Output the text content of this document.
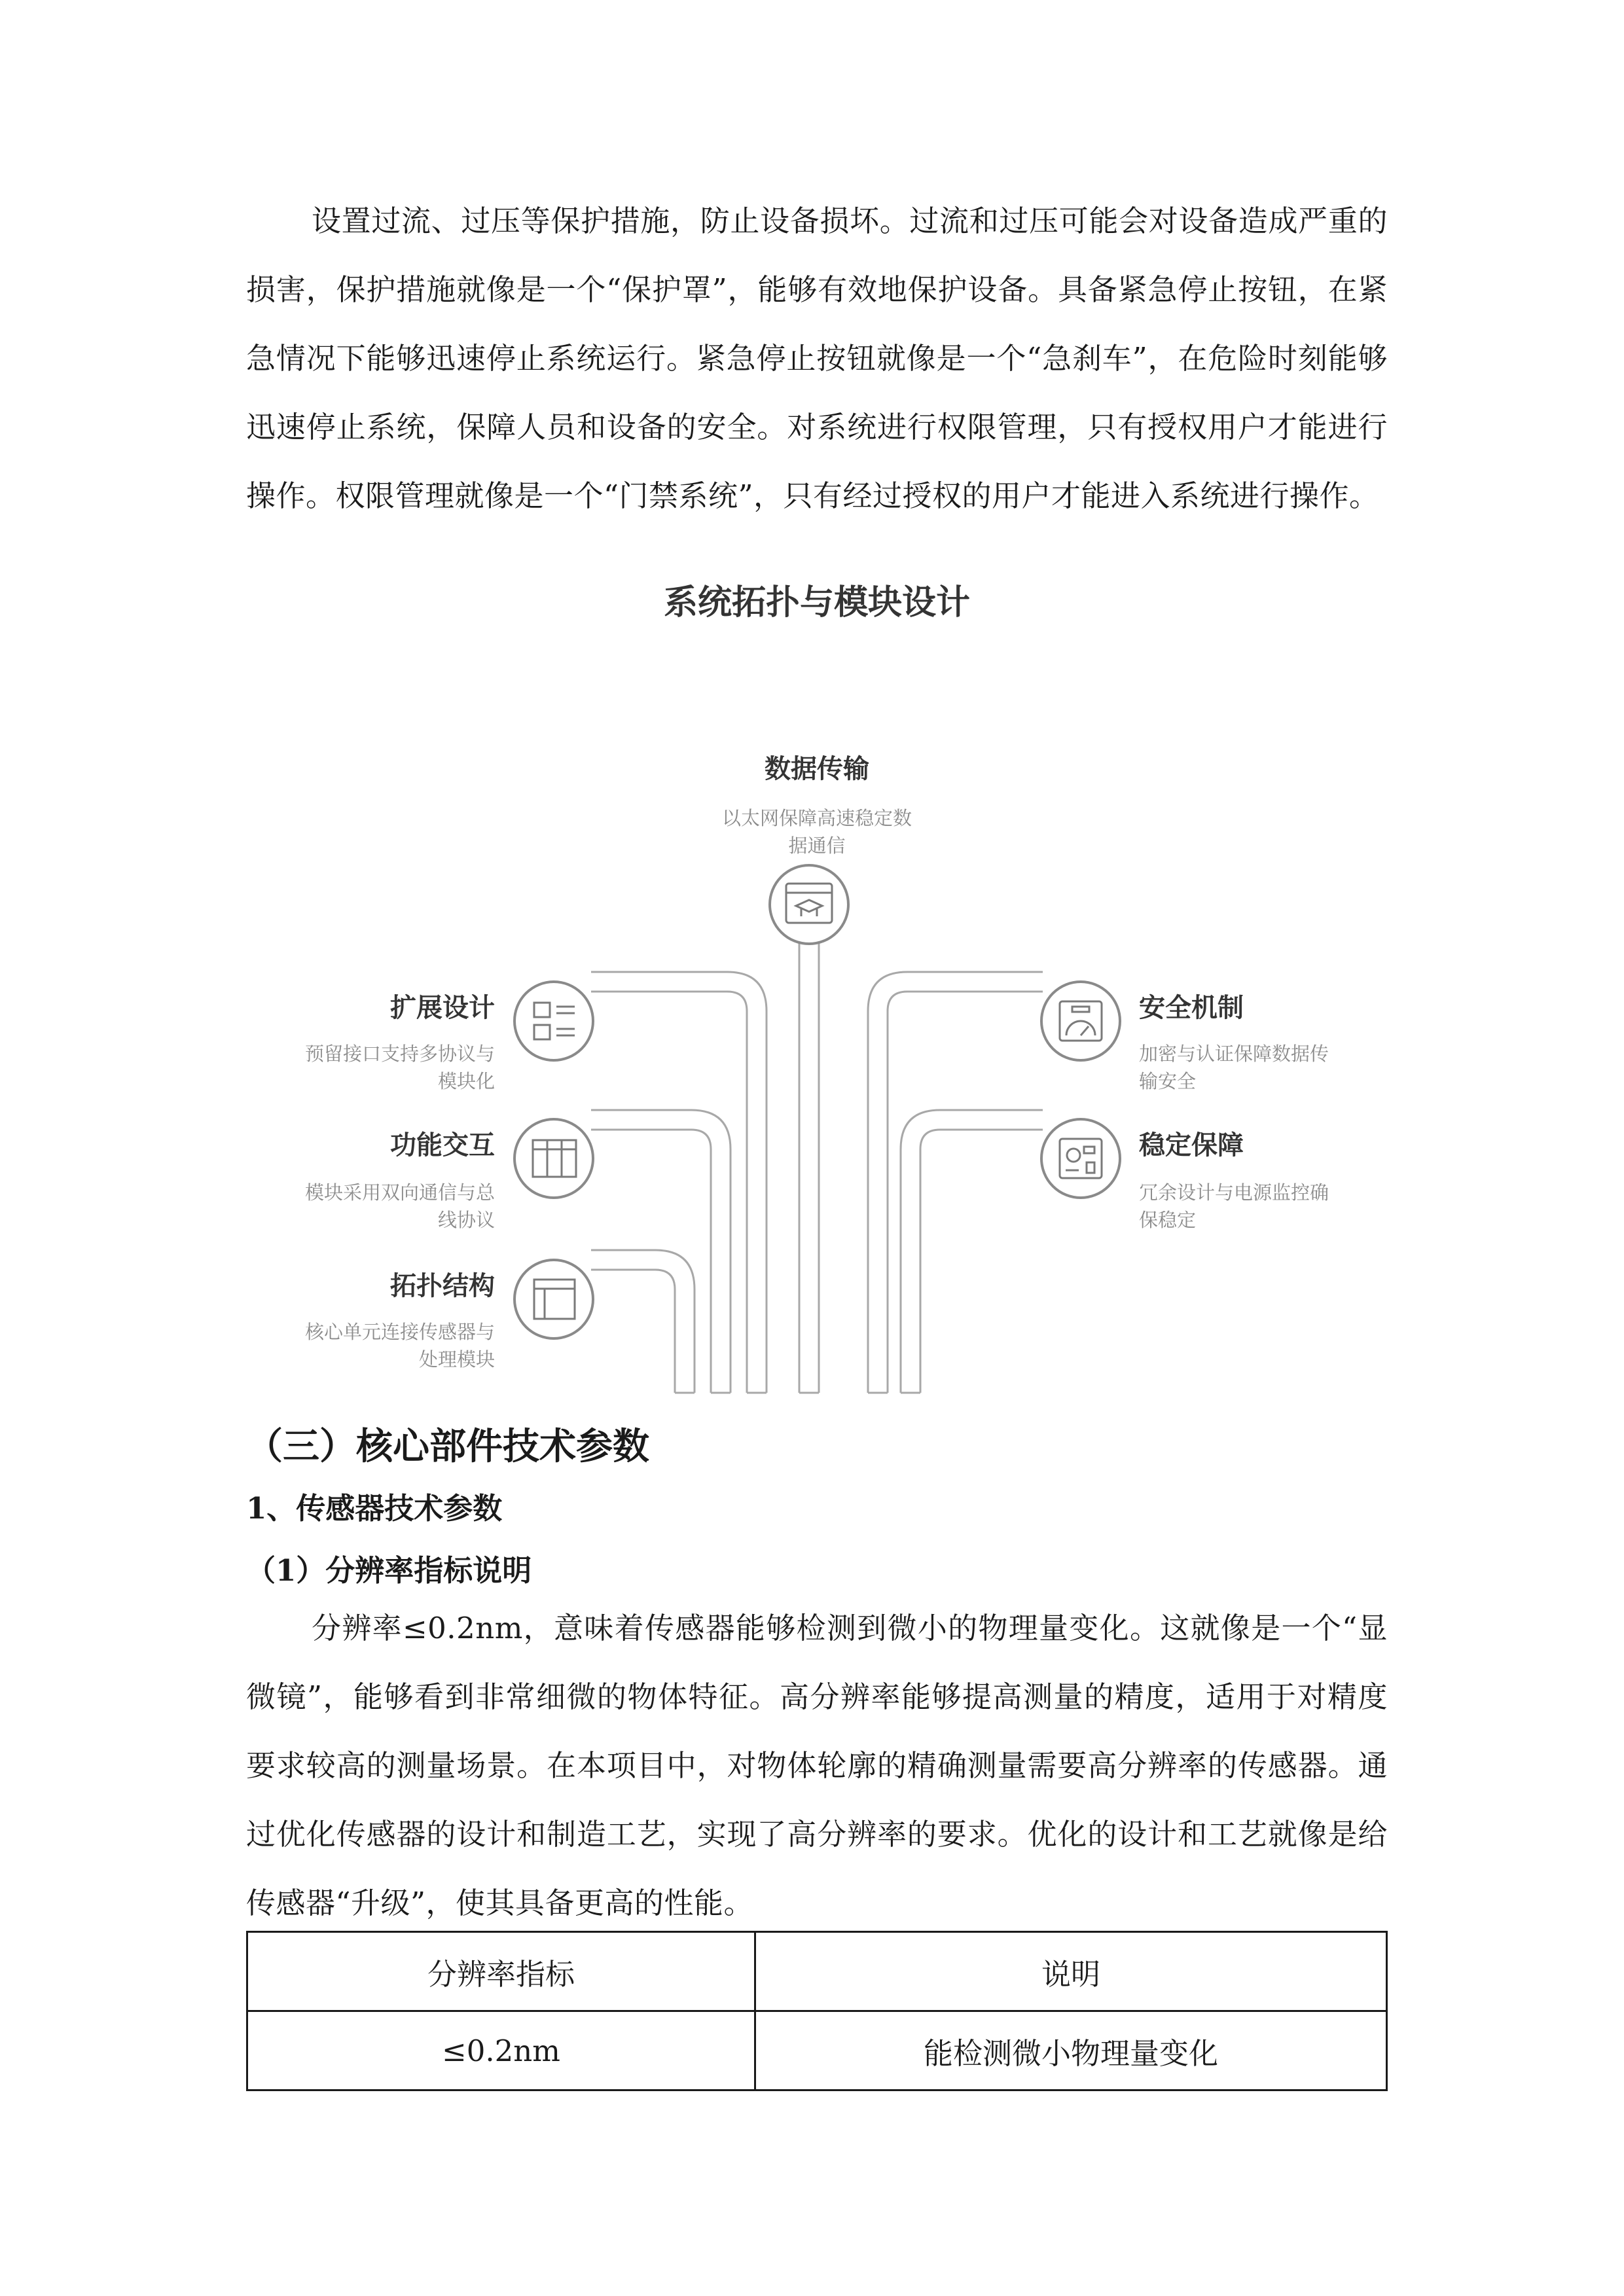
设置过流、过压等保护措施，防止设备损坏。过流和过压可能会对设备造成严重的损害，保护措施就像是一个“保护罩”，能够有效地保护设备。具备紧急停止按钮，在紧急情况下能够迅速停止系统运行。紧急停止按钮就像是一个“急刹车”，在危险时刻能够迅速停止系统，保障人员和设备的安全。对系统进行权限管理，只有授权用户才能进行操作。权限管理就像是一个“门禁系统”，只有经过授权的用户才能进入系统进行操作。

系统拓扑与模块设计
数据传输
以太网保障高速稳定数
据通信
扩展设计
预留接口支持多协议与
模块化
功能交互
模块采用双向通信与总
线协议
拓扑结构
核心单元连接传感器与
处理模块
安全机制
加密与认证保障数据传
输安全
稳定保障
冗余设计与电源监控确
保稳定
（三）核心部件技术参数
1、传感器技术参数
（1）分辨率指标说明

分辨率≤0.2nm，意味着传感器能够检测到微小的物理量变化。这就像是一个“显微镜”，能够看到非常细微的物体特征。高分辨率能够提高测量的精度，适用于对精度要求较高的测量场景。在本项目中，对物体轮廓的精确测量需要高分辨率的传感器。通过优化传感器的设计和制造工艺，实现了高分辨率的要求。优化的设计和工艺就像是给传感器“升级”，使其具备更高的性能。

分辨率指标	说明
≤0.2nm	能检测微小物理量变化
